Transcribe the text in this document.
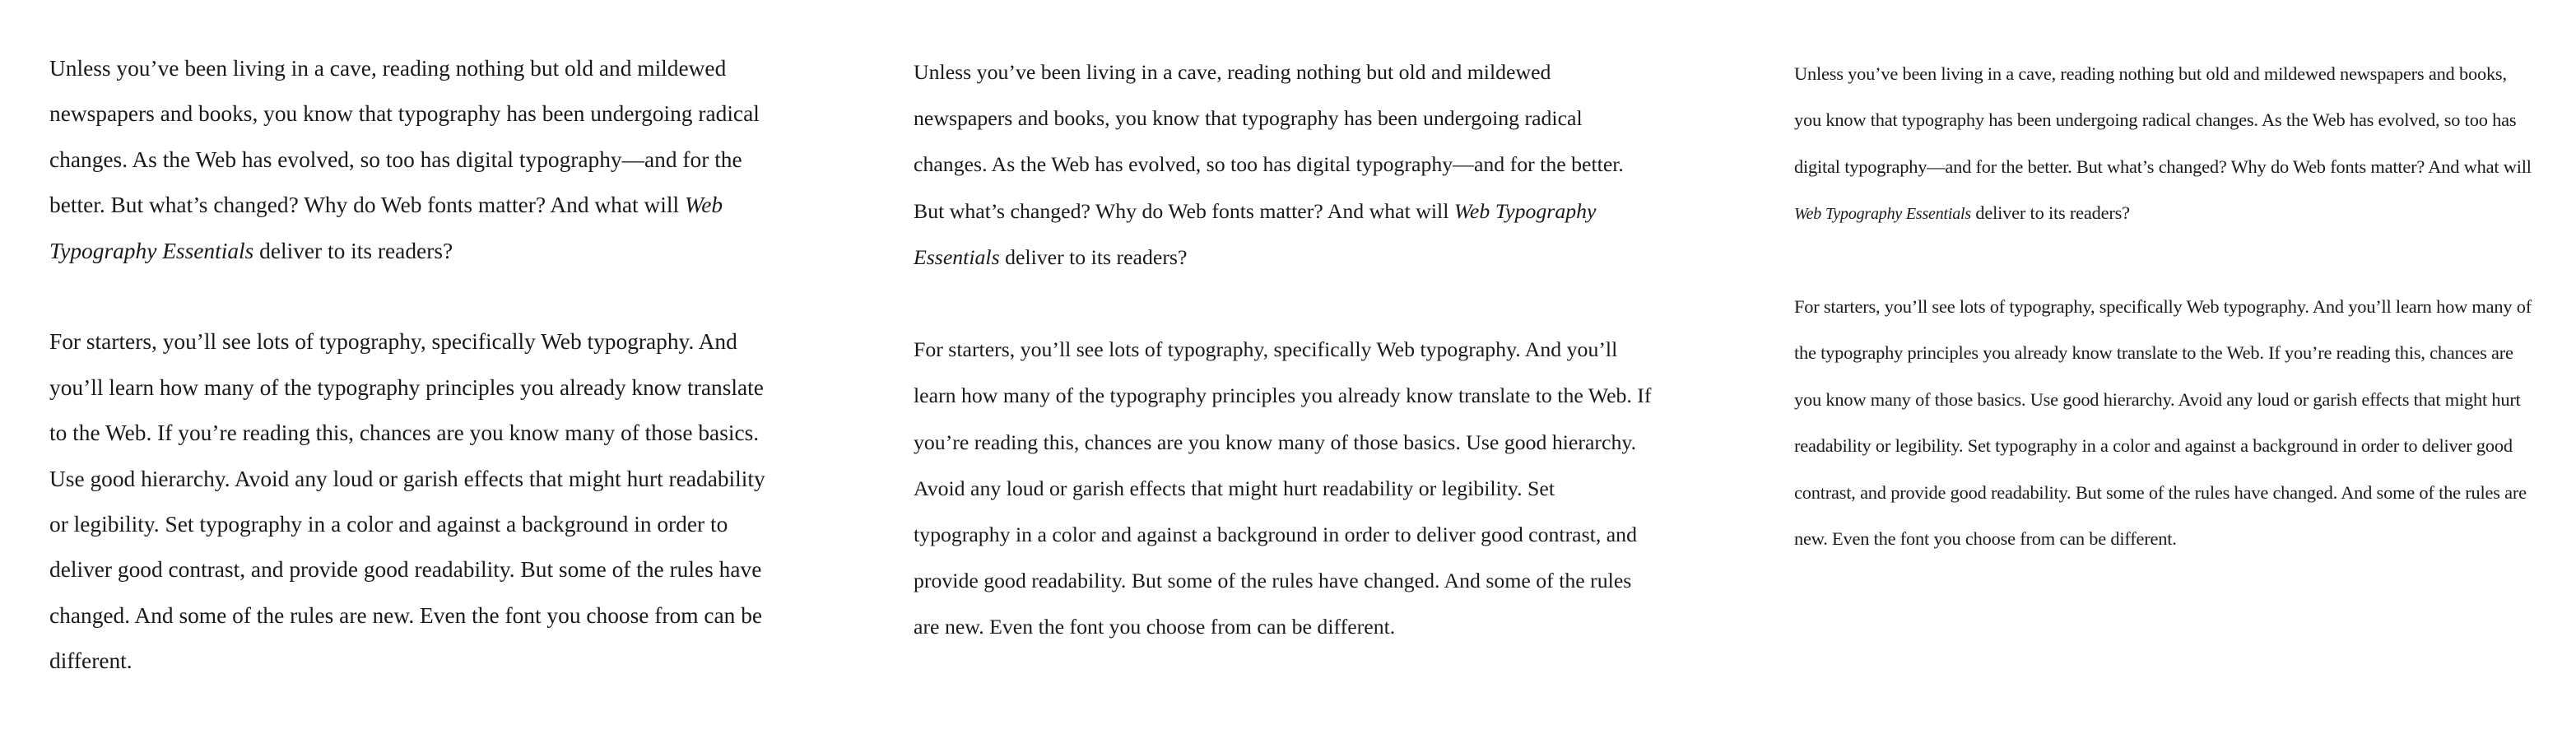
Unless you’ve been living in a cave, reading nothing but old and mildewed newspapers and books, you know that typography has been undergoing radical changes. As the Web has evolved, so too has digital typography—and for the better. But what’s changed? Why do Web fonts matter? And what will Web Typography Essentials deliver to its readers?

For starters, you’ll see lots of typography, specifically Web typography. And you’ll learn how many of the typography principles you already know translate to the Web. If you’re reading this, chances are you know many of those basics. Use good hierarchy. Avoid any loud or garish effects that might hurt readability or legibility. Set typography in a color and against a background in order to deliver good contrast, and provide good readability. But some of the rules have changed. And some of the rules are new. Even the font you choose from can be different.

Unless you’ve been living in a cave, reading nothing but old and mildewed newspapers and books, you know that typography has been undergoing radical changes. As the Web has evolved, so too has digital typography—and for the better. But what’s changed? Why do Web fonts matter? And what will Web Typography Essentials deliver to its readers?

For starters, you’ll see lots of typography, specifically Web typography. And you’ll learn how many of the typography principles you already know translate to the Web. If you’re reading this, chances are you know many of those basics. Use good hierarchy. Avoid any loud or garish effects that might hurt readability or legibility. Set typography in a color and against a background in order to deliver good contrast, and provide good readability. But some of the rules have changed. And some of the rules are new. Even the font you choose from can be different.

Unless you’ve been living in a cave, reading nothing but old and mildewed newspapers and books, you know that typography has been undergoing radical changes. As the Web has evolved, so too has digital typography—and for the better. But what’s changed? Why do Web fonts matter? And what will Web Typography Essentials deliver to its readers?

For starters, you’ll see lots of typography, specifically Web typography. And you’ll learn how many of the typography principles you already know translate to the Web. If you’re reading this, chances are you know many of those basics. Use good hierarchy. Avoid any loud or garish effects that might hurt readability or legibility. Set typography in a color and against a background in order to deliver good contrast, and provide good readability. But some of the rules have changed. And some of the rules are new. Even the font you choose from can be different.
